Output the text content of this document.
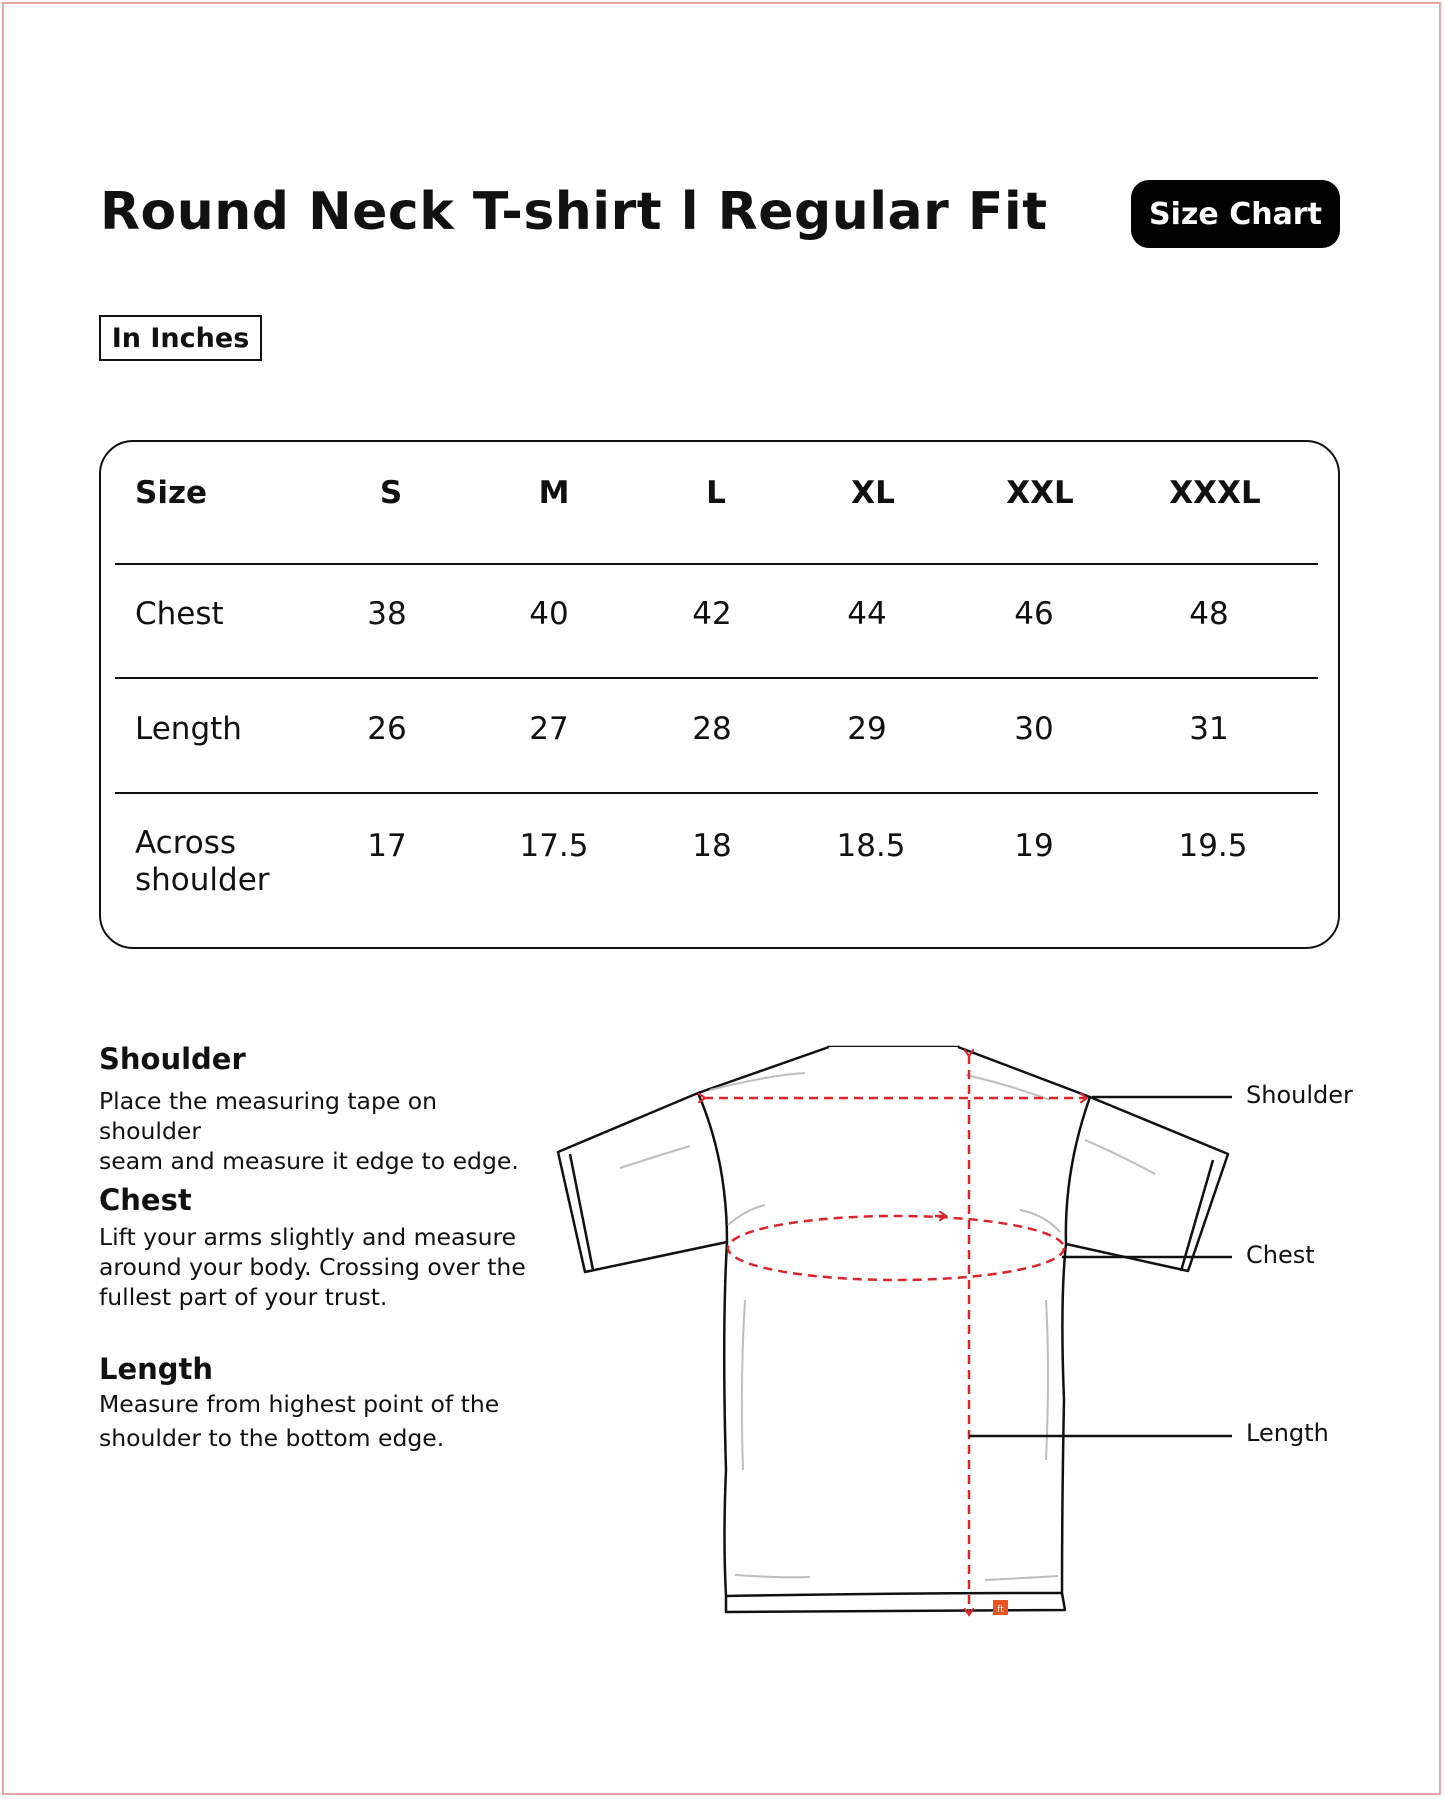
Round Neck T-shirt l Regular Fit	Size Chart
In Inches
Size	S	M	L	XL	XXL	XXXL
Chest	38	40	42	44	46	48
Length	26	27	28	29	30	31
Across
shoulder
17	17.5	18	18.5	19	19.5
Shoulder
Place the measuring tape on shoulder
seam and measure it edge to edge.
Chest
Lift your arms slightly and measure
around your body. Crossing over the
fullest part of your trust.
Length
Measure from highest point of the
shoulder to the bottom edge.
ft
Shoulder
Chest
Length
